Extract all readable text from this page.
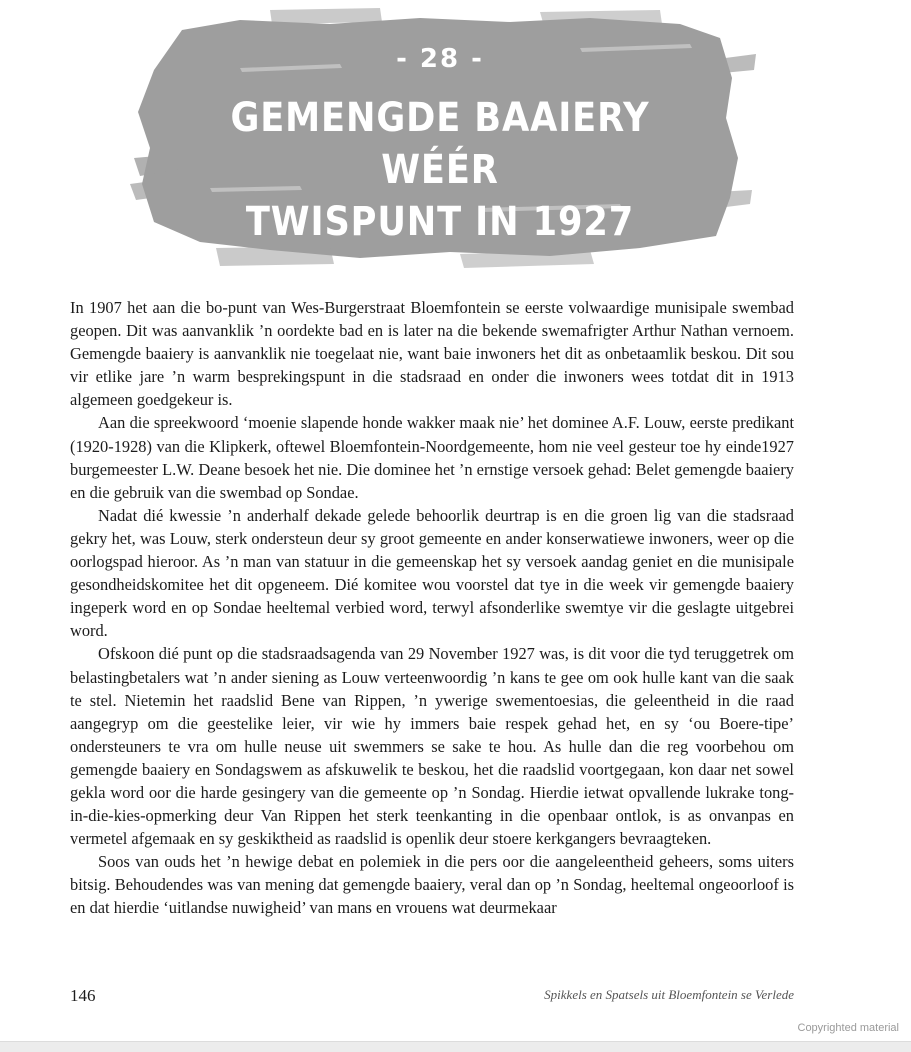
- 28 -
GEMENGDE BAAIERY WÉÉR
TWISPUNT IN 1927

In 1907 het aan die bo-punt van Wes-Burgerstraat Bloemfontein se eerste volwaardige munisipale swembad geopen. Dit was aanvanklik ’n oordekte bad en is later na die bekende swemafrigter Arthur Nathan vernoem. Gemengde baaiery is aanvanklik nie toegelaat nie, want baie inwoners het dit as onbetaamlik beskou. Dit sou vir etlike jare ’n warm besprekingspunt in die stadsraad en onder die inwoners wees totdat dit in 1913 algemeen goedgekeur is.

Aan die spreekwoord ‘moenie slapende honde wakker maak nie’ het dominee A.F. Louw, eerste predikant (1920-1928) van die Klipkerk, oftewel Bloemfontein-Noordgemeente, hom nie veel gesteur toe hy einde1927 burgemeester L.W. Deane besoek het nie. Die dominee het ’n ernstige versoek gehad: Belet gemengde baaiery en die gebruik van die swembad op Sondae.

Nadat dié kwessie ’n anderhalf dekade gelede behoorlik deurtrap is en die groen lig van die stadsraad gekry het, was Louw, sterk ondersteun deur sy groot gemeente en ander konserwatiewe inwoners, weer op die oorlogspad hieroor. As ’n man van statuur in die gemeenskap het sy versoek aandag geniet en die munisipale gesondheidskomitee het dit opgeneem. Dié komitee wou voorstel dat tye in die week vir gemengde baaiery ingeperk word en op Sondae heeltemal verbied word, terwyl afsonderlike swemtye vir die geslagte uitgebrei word.

Ofskoon dié punt op die stadsraadsagenda van 29 November 1927 was, is dit voor die tyd teruggetrek om belastingbetalers wat ’n ander siening as Louw verteenwoordig ’n kans te gee om ook hulle kant van die saak te stel. Nietemin het raadslid Bene van Rippen, ’n ywerige swementoesias, die geleentheid in die raad aangegryp om die geestelike leier, vir wie hy immers baie respek gehad het, en sy ‘ou Boere-tipe’ ondersteuners te vra om hulle neuse uit swemmers se sake te hou. As hulle dan die reg voorbehou om gemengde baaiery en Sondagswem as afskuwelik te beskou, het die raadslid voortgegaan, kon daar net sowel gekla word oor die harde gesingery van die gemeente op ’n Sondag. Hierdie ietwat opvallende lukrake tong-in-die-kies-opmerking deur Van Rippen het sterk teenkanting in die openbaar ontlok, is as onvanpas en vermetel afgemaak en sy geskiktheid as raadslid is openlik deur stoere kerkgangers bevraagteken.

Soos van ouds het ’n hewige debat en polemiek in die pers oor die aangeleentheid geheers, soms uiters bitsig. Behoudendes was van mening dat gemengde baaiery, veral dan op ’n Sondag, heeltemal ongeoorloof is en dat hierdie ‘uitlandse nuwigheid’ van mans en vrouens wat deurmekaar

146	Spikkels en Spatsels uit Bloemfontein se Verlede
Copyrighted material
